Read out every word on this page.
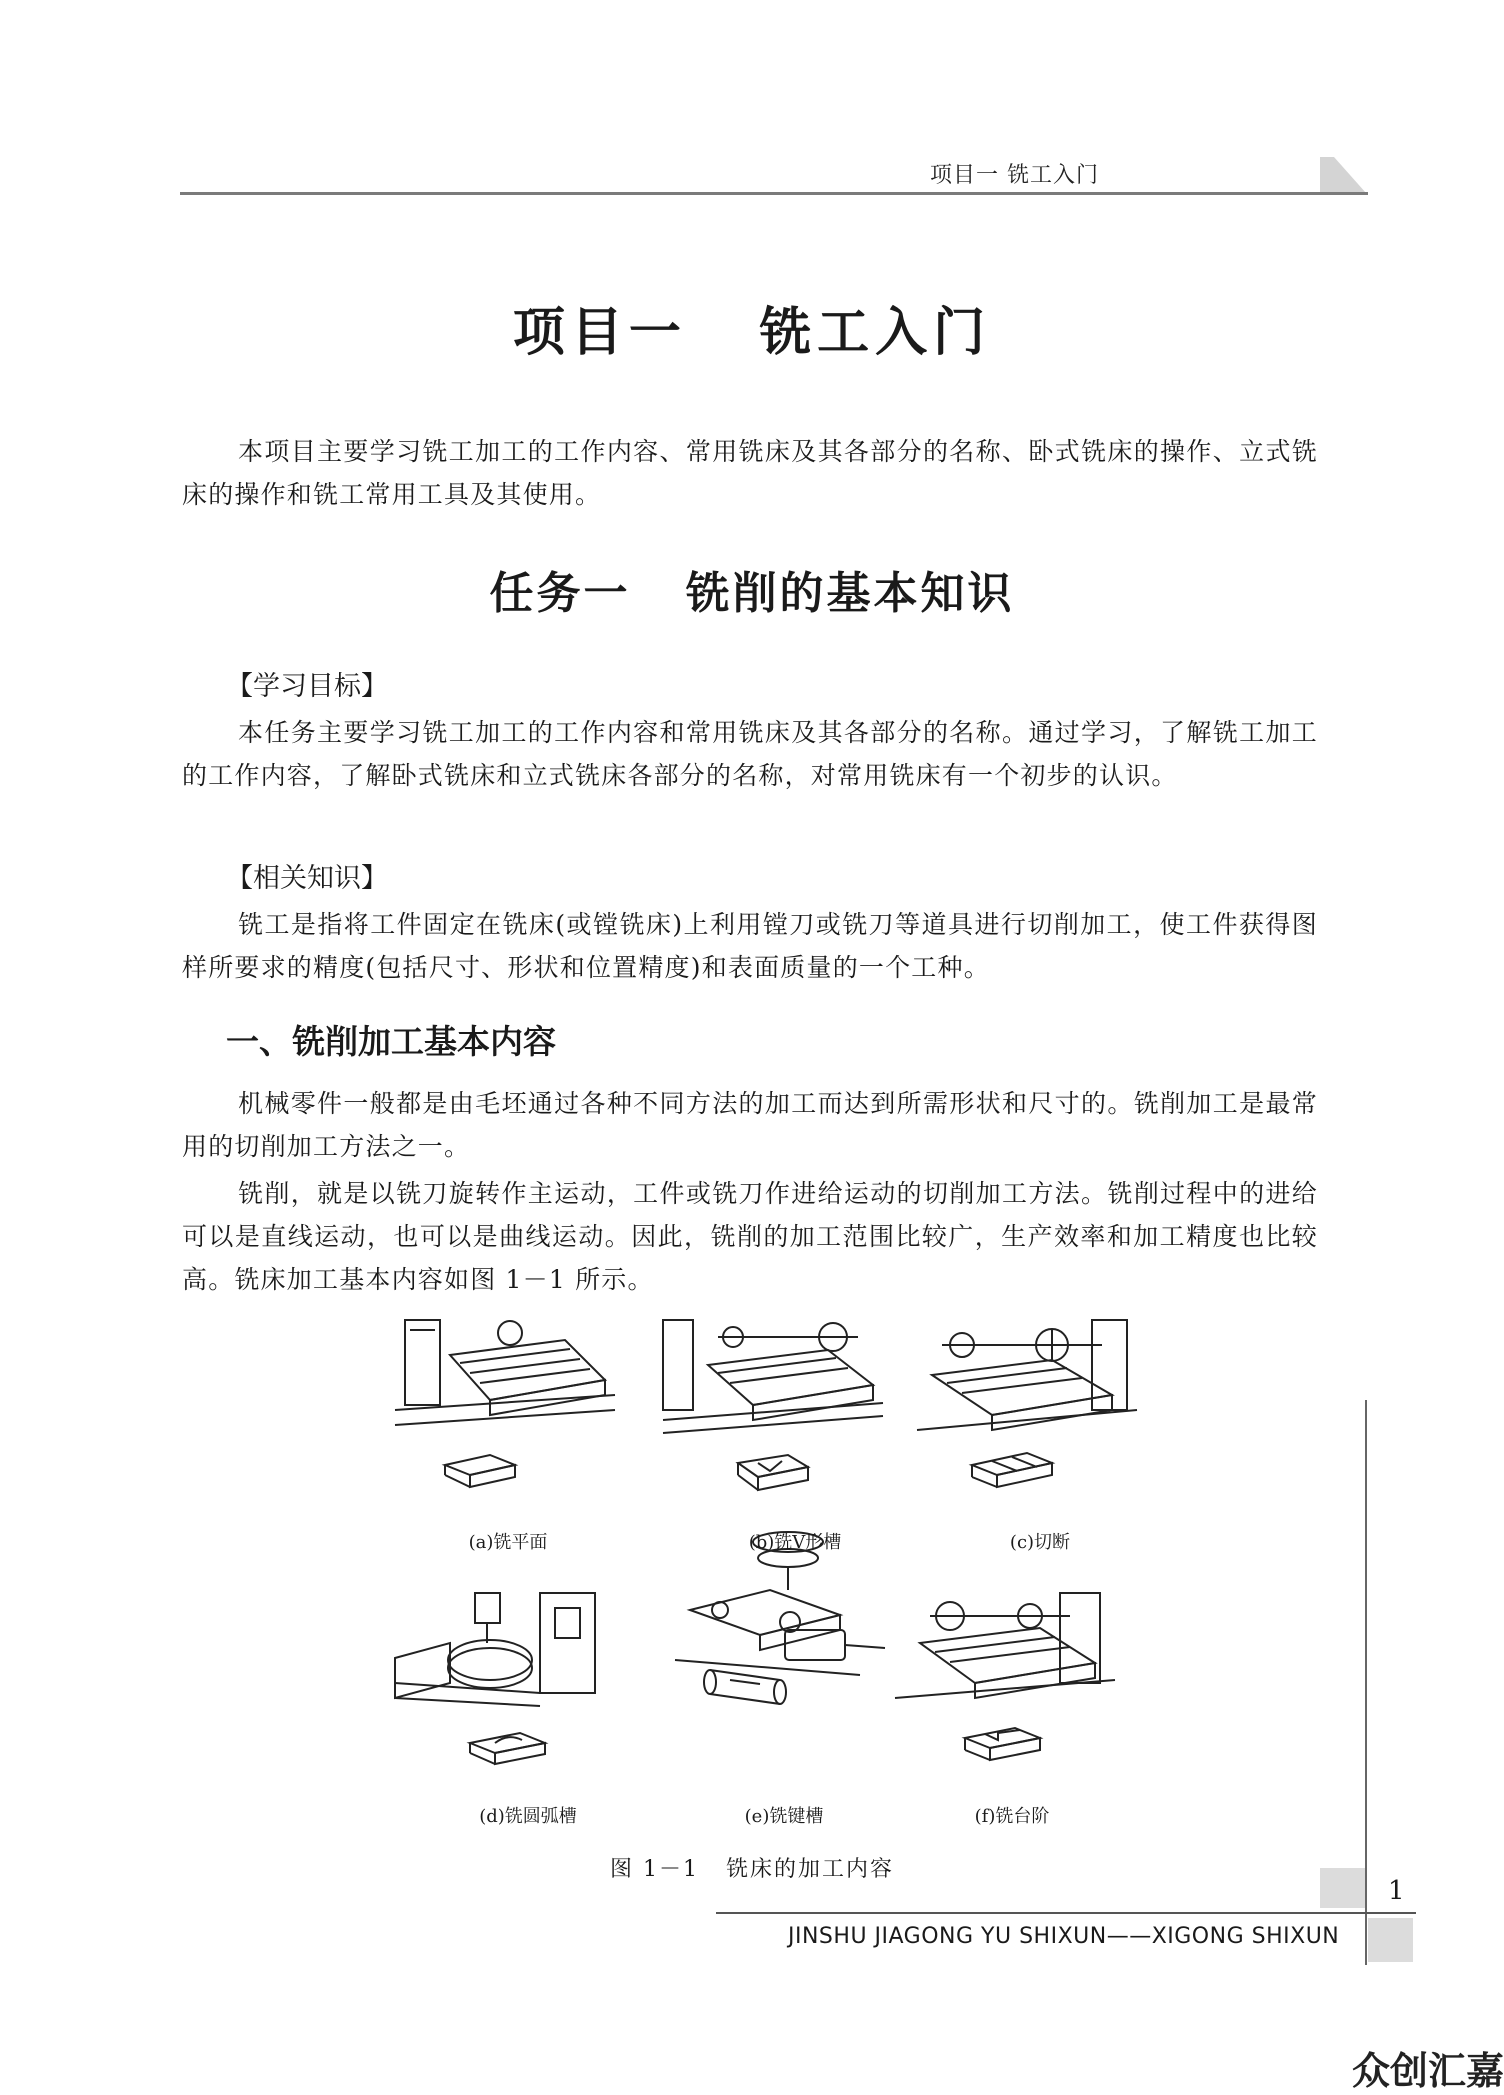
项目一 铣工入门
项目一   铣工入门
本项目主要学习铣工加工的工作内容、常用铣床及其各部分的名称、卧式铣床的操作、立式铣床的操作和铣工常用工具及其使用。
任务一   铣削的基本知识
【学习目标】
本任务主要学习铣工加工的工作内容和常用铣床及其各部分的名称。通过学习，了解铣工加工的工作内容，了解卧式铣床和立式铣床各部分的名称，对常用铣床有一个初步的认识。
【相关知识】
铣工是指将工件固定在铣床(或镗铣床)上利用镗刀或铣刀等道具进行切削加工，使工件获得图样所要求的精度(包括尺寸、形状和位置精度)和表面质量的一个工种。
一、铣削加工基本内容
机械零件一般都是由毛坯通过各种不同方法的加工而达到所需形状和尺寸的。铣削加工是最常用的切削加工方法之一。
铣削，就是以铣刀旋转作主运动，工件或铣刀作进给运动的切削加工方法。铣削过程中的进给可以是直线运动，也可以是曲线运动。因此，铣削的加工范围比较广，生产效率和加工精度也比较高。铣床加工基本内容如图 1－1 所示。
(a)铣平面	(b)铣V形槽	(c)切断
(d)铣圆弧槽	(e)铣键槽	(f)铣台阶
图 1－1   铣床的加工内容
1
JINSHU JIAGONG YU SHIXUN——XIGONG SHIXUN
众创汇嘉
